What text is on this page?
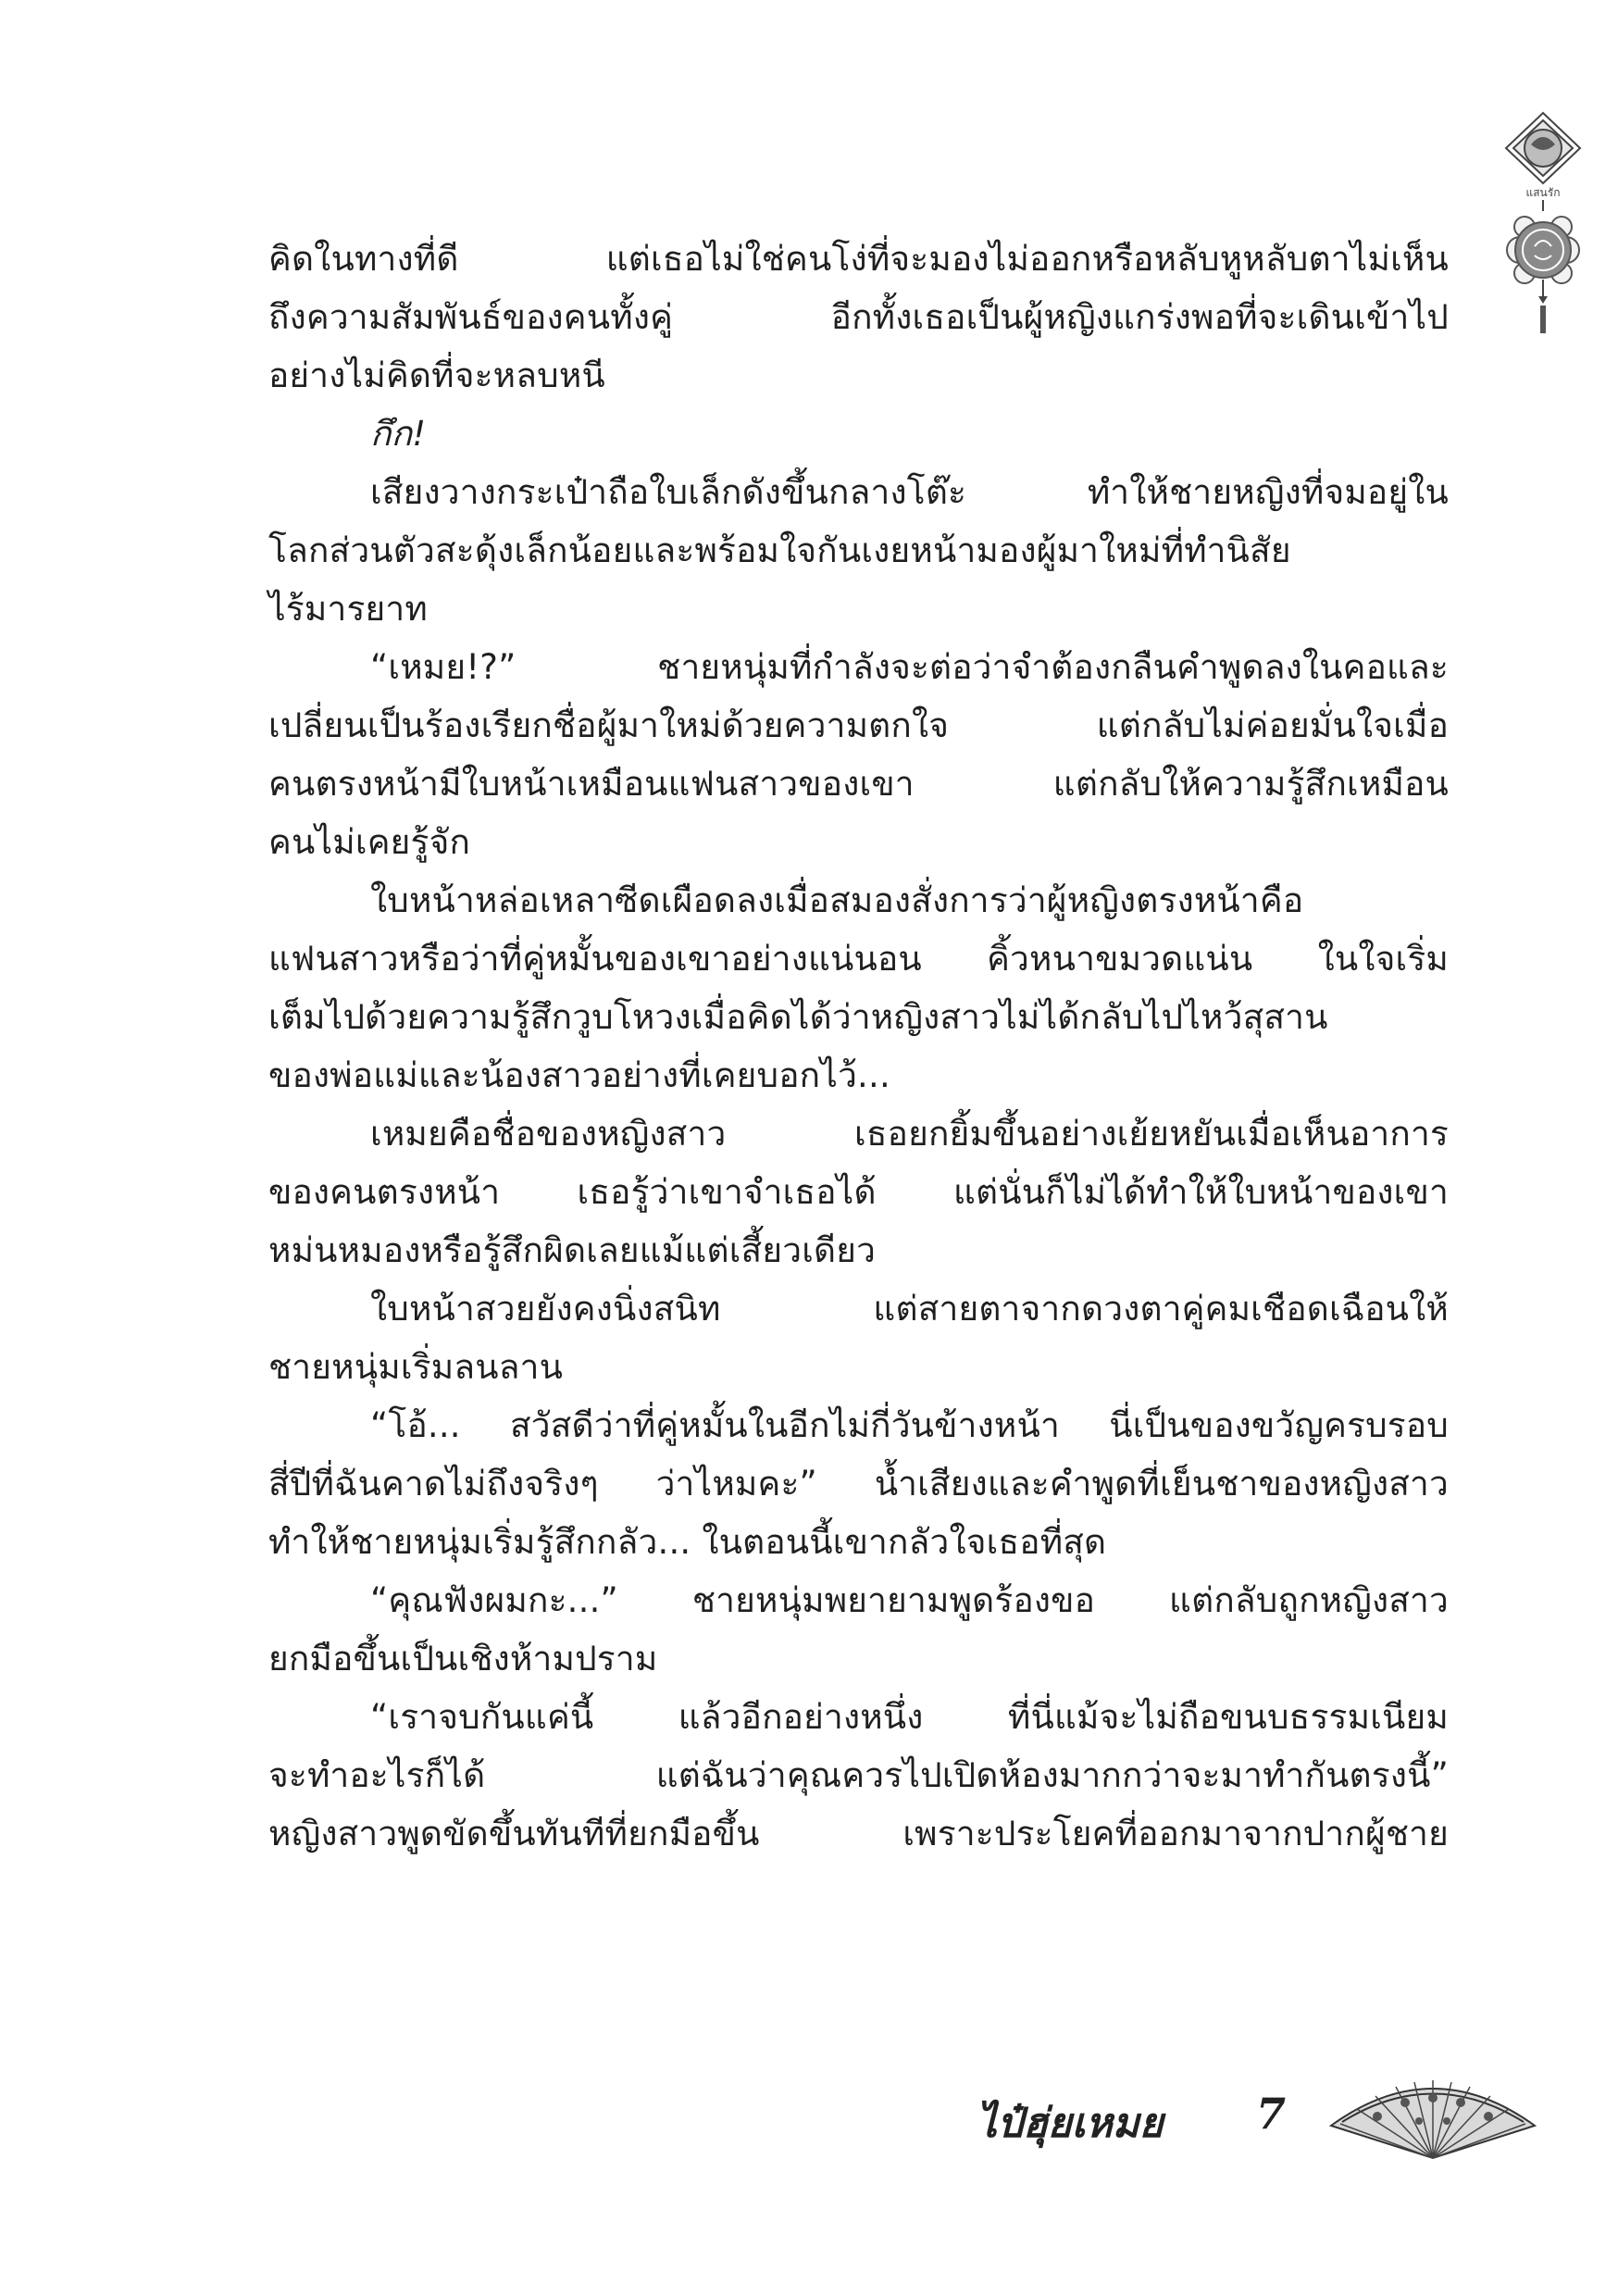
แสนรัก
คิดในทางที่ดี แต่เธอไม่ใช่คนโง่ที่จะมองไม่ออกหรือหลับหูหลับตาไม่เห็น
ถึงความสัมพันธ์ของคนทั้งคู่ อีกทั้งเธอเป็นผู้หญิงแกร่งพอที่จะเดินเข้าไป
อย่างไม่คิดที่จะหลบหนี
กึก!
เสียงวางกระเป๋าถือใบเล็กดังขึ้นกลางโต๊ะ ทำให้ชายหญิงที่จมอยู่ใน
โลกส่วนตัวสะดุ้งเล็กน้อยและพร้อมใจกันเงยหน้ามองผู้มาใหม่ที่ทำนิสัย
ไร้มารยาท
“เหมย!?” ชายหนุ่มที่กำลังจะต่อว่าจำต้องกลืนคำพูดลงในคอและ
เปลี่ยนเป็นร้องเรียกชื่อผู้มาใหม่ด้วยความตกใจ แต่กลับไม่ค่อยมั่นใจเมื่อ
คนตรงหน้ามีใบหน้าเหมือนแฟนสาวของเขา แต่กลับให้ความรู้สึกเหมือน
คนไม่เคยรู้จัก
ใบหน้าหล่อเหลาซีดเผือดลงเมื่อสมองสั่งการว่าผู้หญิงตรงหน้าคือ
แฟนสาวหรือว่าที่คู่หมั้นของเขาอย่างแน่นอน คิ้วหนาขมวดแน่น ในใจเริ่ม
เต็มไปด้วยความรู้สึกวูบโหวงเมื่อคิดได้ว่าหญิงสาวไม่ได้กลับไปไหว้สุสาน
ของพ่อแม่และน้องสาวอย่างที่เคยบอกไว้...
เหมยคือชื่อของหญิงสาว เธอยกยิ้มขึ้นอย่างเย้ยหยันเมื่อเห็นอาการ
ของคนตรงหน้า เธอรู้ว่าเขาจำเธอได้ แต่นั่นก็ไม่ได้ทำให้ใบหน้าของเขา
หม่นหมองหรือรู้สึกผิดเลยแม้แต่เสี้ยวเดียว
ใบหน้าสวยยังคงนิ่งสนิท แต่สายตาจากดวงตาคู่คมเชือดเฉือนให้
ชายหนุ่มเริ่มลนลาน
“โอ้... สวัสดีว่าที่คู่หมั้นในอีกไม่กี่วันข้างหน้า นี่เป็นของขวัญครบรอบ
สี่ปีที่ฉันคาดไม่ถึงจริงๆ ว่าไหมคะ” น้ำเสียงและคำพูดที่เย็นชาของหญิงสาว
ทำให้ชายหนุ่มเริ่มรู้สึกกลัว... ในตอนนี้เขากลัวใจเธอที่สุด
“คุณฟังผมกะ...” ชายหนุ่มพยายามพูดร้องขอ แต่กลับถูกหญิงสาว
ยกมือขึ้นเป็นเชิงห้ามปราม
“เราจบกันแค่นี้ แล้วอีกอย่างหนึ่ง ที่นี่แม้จะไม่ถือขนบธรรมเนียม
จะทำอะไรก็ได้ แต่ฉันว่าคุณควรไปเปิดห้องมากกว่าจะมาทำกันตรงนี้”
หญิงสาวพูดขัดขึ้นทันทีที่ยกมือขึ้น เพราะประโยคที่ออกมาจากปากผู้ชาย
ไป๋ฮุ่ยเหมย	7
